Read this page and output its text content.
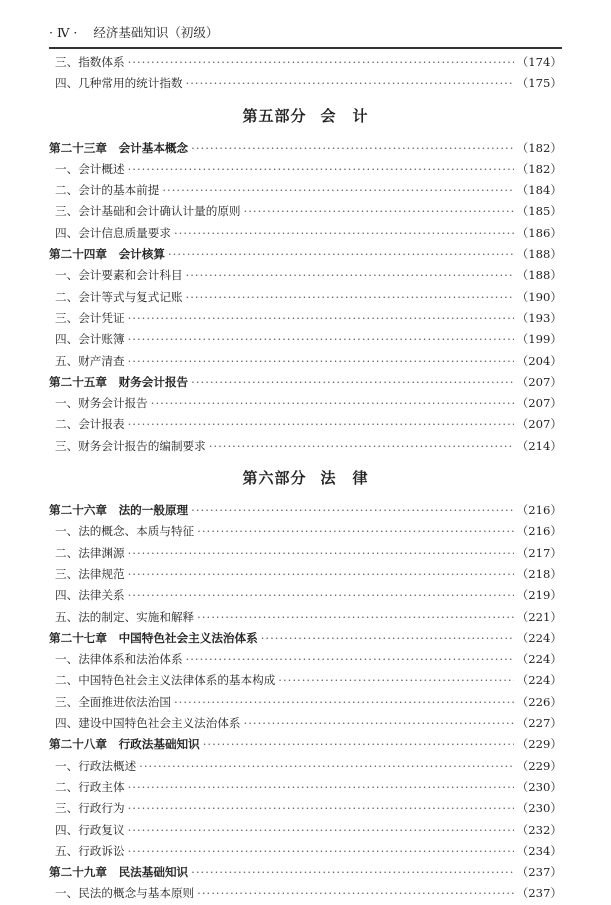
· Ⅳ · 经济基础知识（初级）
三、指数体系 ·····	（174）
四、几种常用的统计指数 ·····	（175）
第五部分 会　计
第二十三章　会计基本概念 ·····	（182）
一、会计概述 ·····	（182）
二、会计的基本前提 ·····	（184）
三、会计基础和会计确认计量的原则 ·····	（185）
四、会计信息质量要求 ·····	（186）
第二十四章　会计核算 ·····	（188）
一、会计要素和会计科目 ·····	（188）
二、会计等式与复式记账 ·····	（190）
三、会计凭证 ·····	（193）
四、会计账簿 ·····	（199）
五、财产清查 ·····	（204）
第二十五章　财务会计报告 ·····	（207）
一、财务会计报告 ·····	（207）
二、会计报表 ·····	（207）
三、财务会计报告的编制要求 ·····	（214）
第六部分 法　律
第二十六章　法的一般原理 ·····	（216）
一、法的概念、本质与特征 ·····	（216）
二、法律渊源 ·····	（217）
三、法律规范 ·····	（218）
四、法律关系 ·····	（219）
五、法的制定、实施和解释 ·····	（221）
第二十七章　中国特色社会主义法治体系 ·····	（224）
一、法律体系和法治体系 ·····	（224）
二、中国特色社会主义法律体系的基本构成 ·····	（224）
三、全面推进依法治国 ·····	（226）
四、建设中国特色社会主义法治体系 ·····	（227）
第二十八章　行政法基础知识 ·····	（229）
一、行政法概述 ·····	（229）
二、行政主体 ·····	（230）
三、行政行为 ·····	（230）
四、行政复议 ·····	（232）
五、行政诉讼 ·····	（234）
第二十九章　民法基础知识 ·····	（237）
一、民法的概念与基本原则 ·····	（237）
